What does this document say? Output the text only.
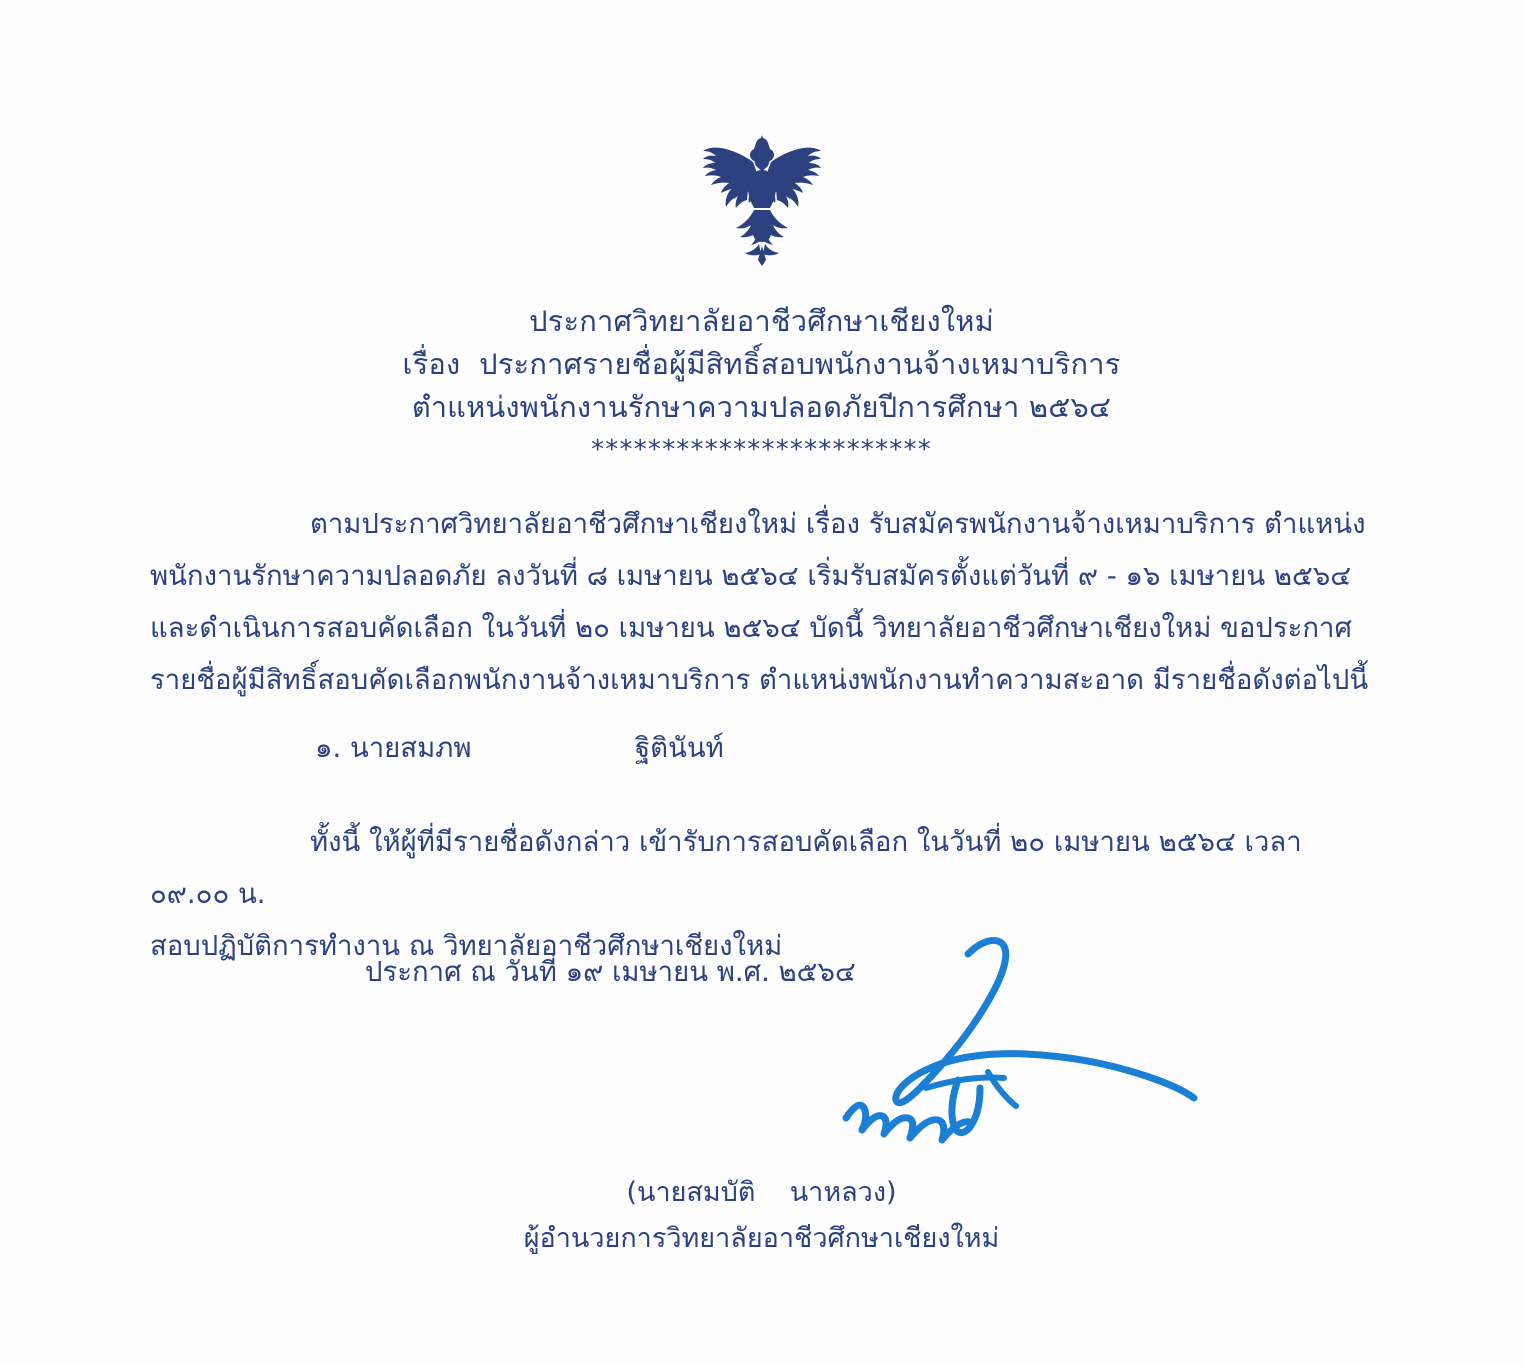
ประกาศวิทยาลัยอาชีวศึกษาเชียงใหม่
เรื่อง  ประกาศรายชื่อผู้มีสิทธิ์สอบพนักงานจ้างเหมาบริการ
ตำแหน่งพนักงานรักษาความปลอดภัยปีการศึกษา ๒๕๖๔
************************
ตามประกาศวิทยาลัยอาชีวศึกษาเชียงใหม่ เรื่อง รับสมัครพนักงานจ้างเหมาบริการ ตำแหน่ง
พนักงานรักษาความปลอดภัย ลงวันที่ ๘ เมษายน ๒๕๖๔ เริ่มรับสมัครตั้งแต่วันที่ ๙ - ๑๖ เมษายน ๒๕๖๔
และดำเนินการสอบคัดเลือก ในวันที่ ๒๐ เมษายน ๒๕๖๔ บัดนี้ วิทยาลัยอาชีวศึกษาเชียงใหม่ ขอประกาศ
รายชื่อผู้มีสิทธิ์สอบคัดเลือกพนักงานจ้างเหมาบริการ ตำแหน่งพนักงานทำความสะอาด มีรายชื่อดังต่อไปนี้
๑. นายสมภพ	ฐิตินันท์
ทั้งนี้ ให้ผู้ที่มีรายชื่อดังกล่าว เข้ารับการสอบคัดเลือก ในวันที่ ๒๐ เมษายน ๒๕๖๔ เวลา ๐๙.๐๐ น.
สอบปฏิบัติการทำงาน ณ วิทยาลัยอาชีวศึกษาเชียงใหม่
ประกาศ ณ วันที่ ๑๙ เมษายน พ.ศ. ๒๕๖๔
(นายสมบัติ    นาหลวง)
ผู้อำนวยการวิทยาลัยอาชีวศึกษาเชียงใหม่
